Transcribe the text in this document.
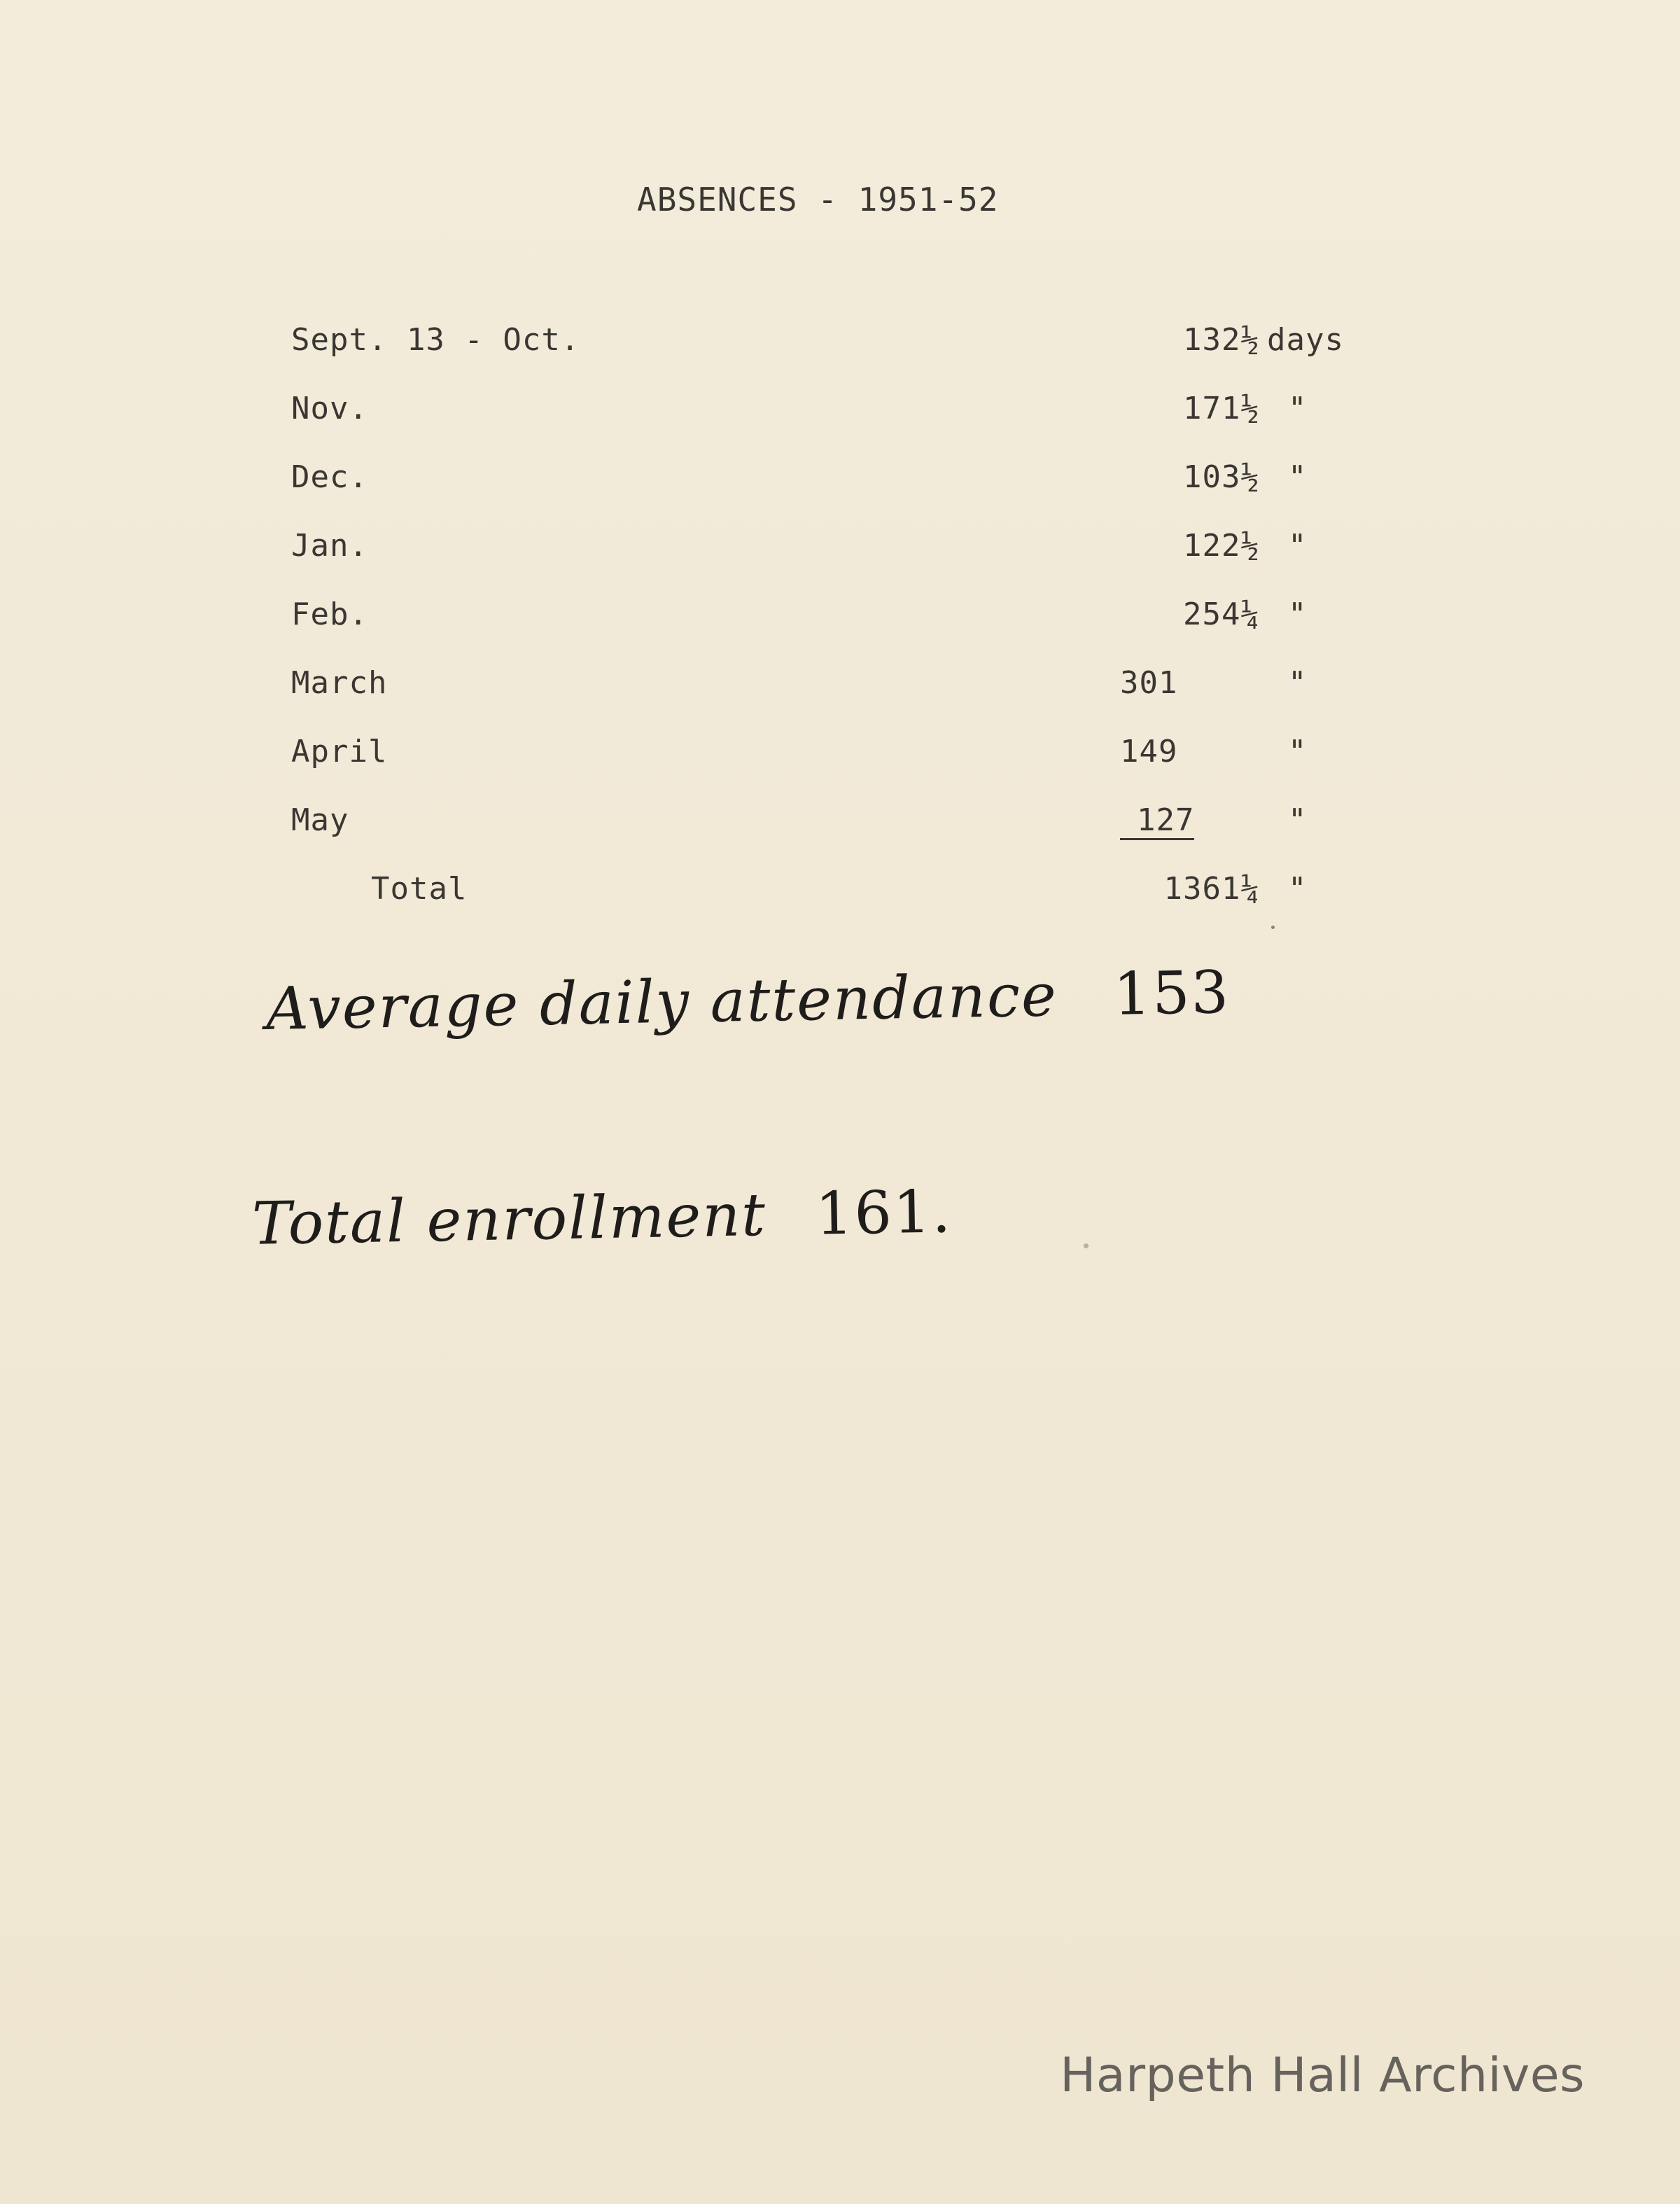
ABSENCES - 1951-52
Sept. 13 - Oct.	132½ days
Nov.	171½ "
Dec.	103½ "
Jan.	122½ "
Feb.	254¼ "
March	301	"
April	149	"
May	127	"
Total	1361¼ "
Average daily attendance 153
Total enrollment 161.
Harpeth Hall Archives
